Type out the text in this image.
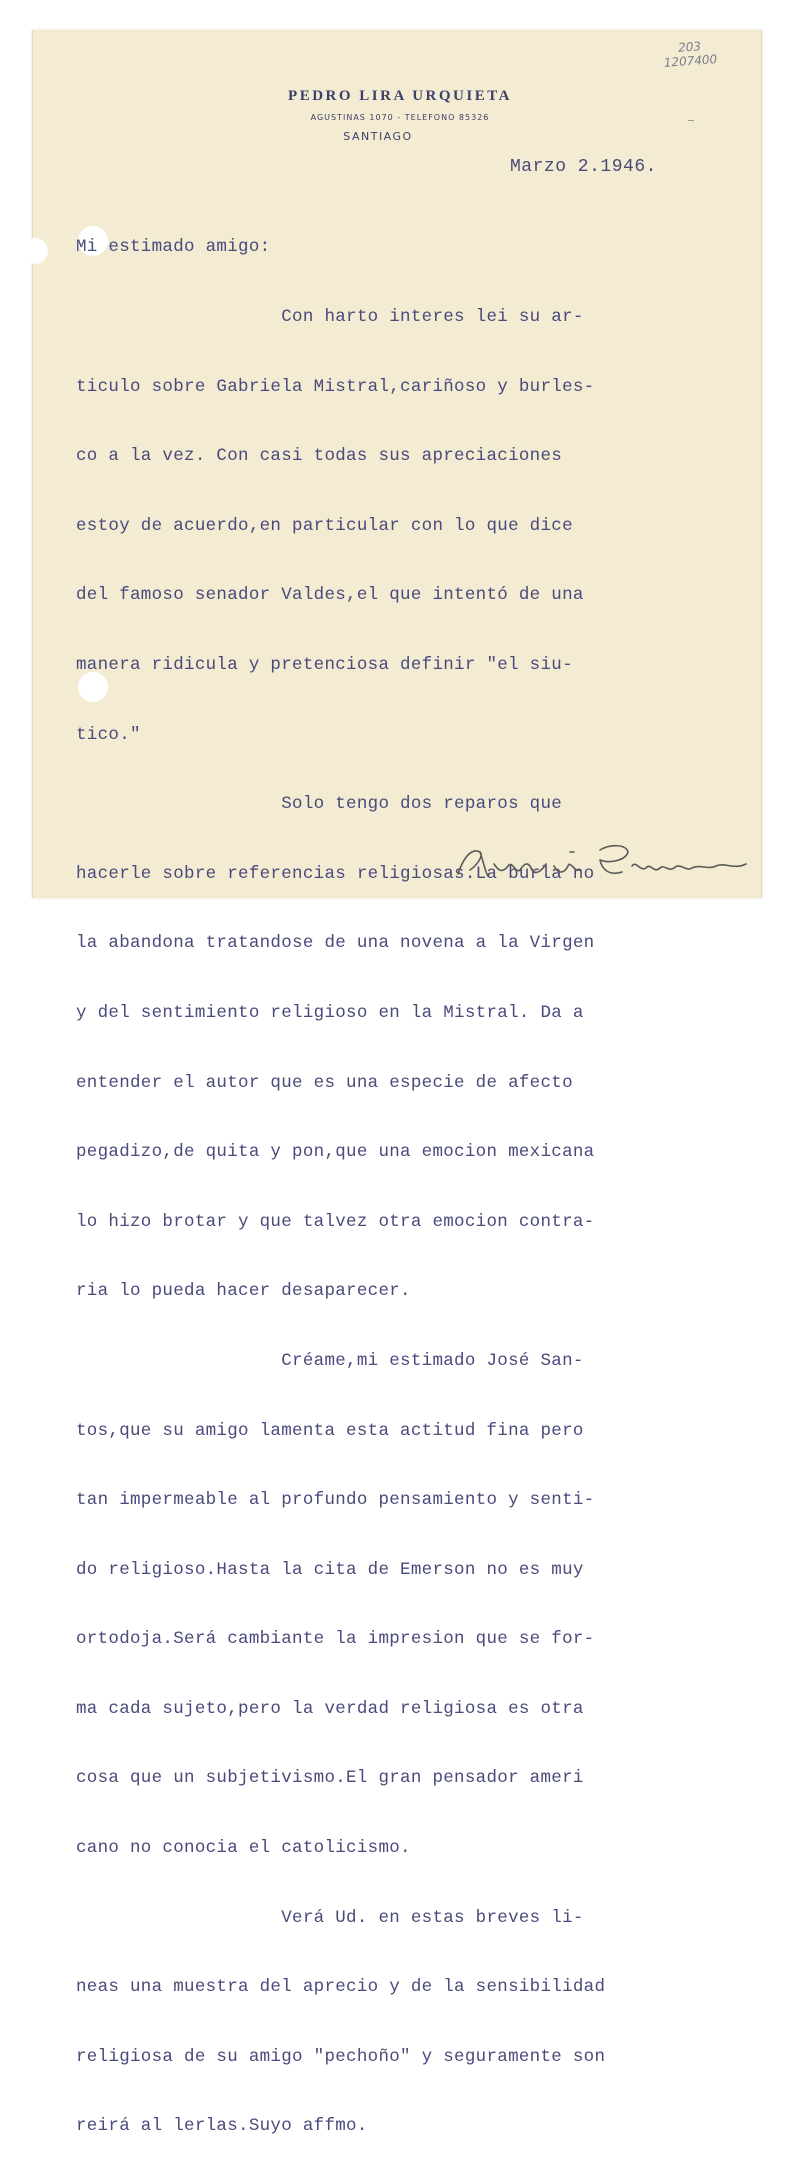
203
1207400
PEDRO LIRA URQUIETA
AGUSTINAS 1070 - TELEFONO 85326
SANTIAGO
Marzo 2.1946.

Mi estimado amigo:

Con harto interes lei su ar-

ticulo sobre Gabriela Mistral,cariñoso y burles-

co a la vez. Con casi todas sus apreciaciones

estoy de acuerdo,en particular con lo que dice

del famoso senador Valdes,el que intentó de una

manera ridicula y pretenciosa definir "el siu-

tico."

Solo tengo dos reparos que

hacerle sobre referencias religiosas.La burla no

la abandona tratandose de una novena a la Virgen

y del sentimiento religioso en la Mistral. Da a

entender el autor que es una especie de afecto

pegadizo,de quita y pon,que una emocion mexicana

lo hizo brotar y que talvez otra emocion contra-

ria lo pueda hacer desaparecer.

Créame,mi estimado José San-

tos,que su amigo lamenta esta actitud fina pero

tan impermeable al profundo pensamiento y senti-

do religioso.Hasta la cita de Emerson no es muy

ortodoja.Será cambiante la impresion que se for-

ma cada sujeto,pero la verdad religiosa es otra

cosa que un subjetivismo.El gran pensador ameri

cano no conocia el catolicismo.

Verá Ud. en estas breves li-

neas una muestra del aprecio y de la sensibilidad

religiosa de su amigo "pechoño" y seguramente son

reirá al lerlas.Suyo affmo.
